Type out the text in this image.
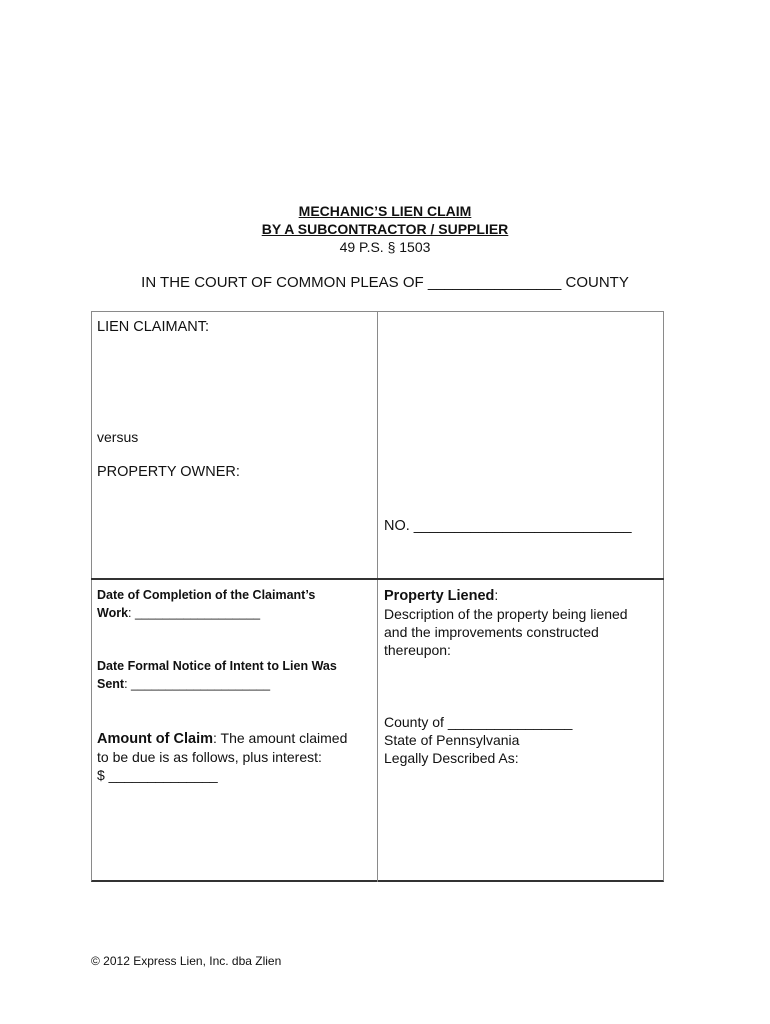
MECHANIC’S LIEN CLAIM
BY A SUBCONTRACTOR / SUPPLIER
49 P.S. § 1503
IN THE COURT OF COMMON PLEAS OF ________________ COUNTY
LIEN CLAIMANT:
versus
PROPERTY OWNER:
NO. ___________________________
Date of Completion of the Claimant’s
Work: __________________
Date Formal Notice of Intent to Lien Was
Sent: ____________________
Amount of Claim: The amount claimed
to be due is as follows, plus interest:
$ ______________
Property Liened:
Description of the property being liened
and the improvements constructed
thereupon:
County of ________________
State of Pennsylvania
Legally Described As:
© 2012 Express Lien, Inc. dba Zlien
